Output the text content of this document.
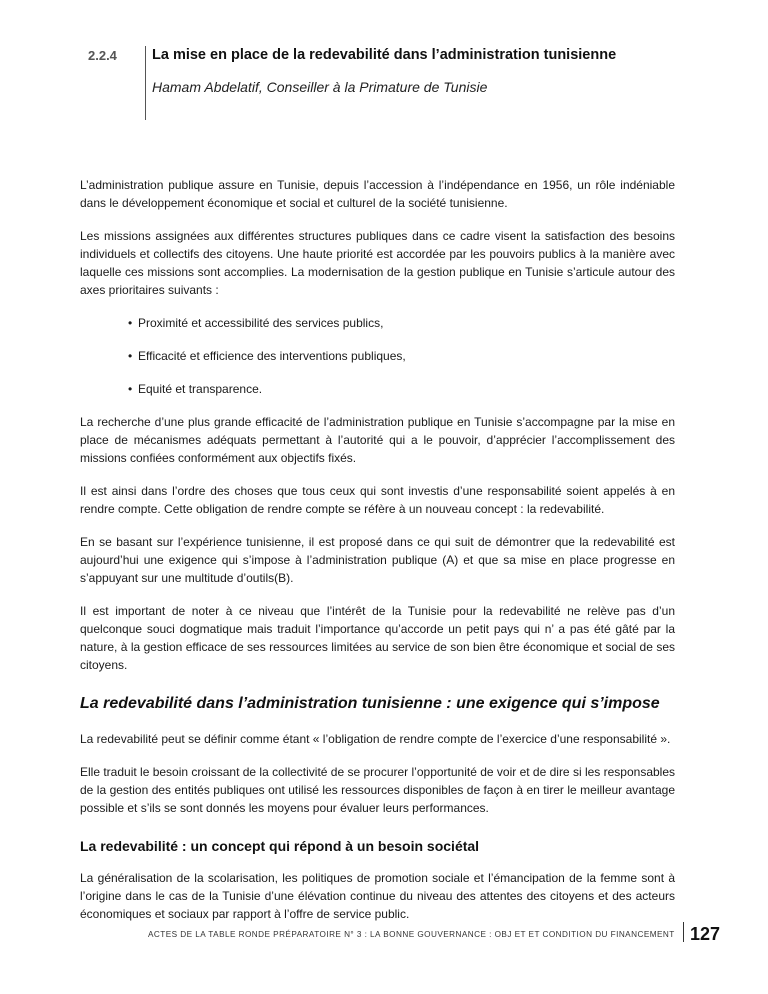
2.2.4 La mise en place de la redevabilité dans l’administration tunisienne
Hamam Abdelatif, Conseiller à la Primature de Tunisie

L’administration publique assure en Tunisie, depuis l’accession à l’indépendance en 1956, un rôle indéniable dans le développement économique et social et culturel de la société tunisienne.

Les missions assignées aux différentes structures publiques dans ce cadre visent la satisfaction des besoins individuels et collectifs des citoyens. Une haute priorité est accordée par les pouvoirs publics à la manière avec laquelle ces missions sont accomplies. La modernisation de la gestion publique en Tunisie s’articule autour des axes prioritaires suivants :

• Proximité et accessibilité des services publics,
• Efficacité et efficience des interventions publiques,
• Equité et transparence.

La recherche d’une plus grande efficacité de l’administration publique en Tunisie s’accompagne par la mise en place de mécanismes adéquats permettant à l’autorité qui a le pouvoir, d’apprécier l’accomplissement des missions confiées conformément aux objectifs fixés.

Il est ainsi dans l’ordre des choses que tous ceux qui sont investis d’une responsabilité soient appelés à en rendre compte. Cette obligation de rendre compte se réfère à un nouveau concept : la redevabilité.

En se basant sur l’expérience tunisienne, il est proposé dans ce qui suit de démontrer que la redevabilité est aujourd’hui une exigence qui s’impose à l’administration publique (A) et que sa mise en place progresse en s’appuyant sur une multitude d’outils(B).

Il est important de noter à ce niveau que l’intérêt de la Tunisie pour la redevabilité ne relève pas d’un quelconque souci dogmatique mais traduit l’importance qu’accorde un petit pays qui n’ a pas été gâté par la nature, à la gestion efficace de ses ressources limitées au service de son bien être économique et social de ses citoyens.

La redevabilité dans l’administration tunisienne : une exigence qui s’impose

La redevabilité peut se définir comme étant « l’obligation de rendre compte de l’exercice d’une responsabilité ».

Elle traduit le besoin croissant de la collectivité de se procurer l’opportunité de voir et de dire si les responsables de la gestion des entités publiques ont utilisé les ressources disponibles de façon à en tirer le meilleur avantage possible et s’ils se sont donnés les moyens pour évaluer leurs performances.

La redevabilité : un concept qui répond à un besoin sociétal

La généralisation de la scolarisation, les politiques de promotion sociale et l’émancipation de la femme sont à l’origine dans le cas de la Tunisie d’une élévation continue du niveau des attentes des citoyens et des acteurs économiques et sociaux par rapport à l’offre de service public.

ACTES DE LA TABLE RONDE PRÉPARATOIRE N° 3 : LA BONNE GOUVERNANCE : OBJ ET ET CONDITION DU FINANCEMENT 127
